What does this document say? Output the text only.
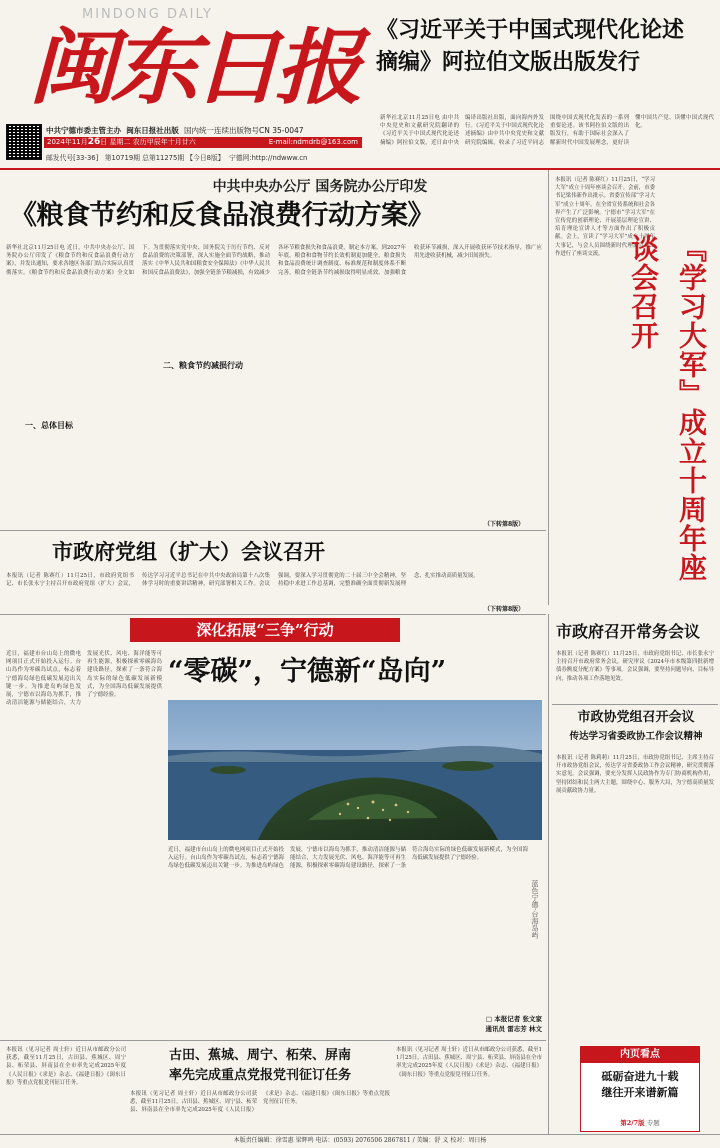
MINDONG DAILY
闽东日报
中共宁德市委主管主办 闽东日报社出版 国内统一连续出版物号CN 35-0047
2024年11月26日 星期二 农历甲辰年十月廿六	E-mail:ndmdrb@163.com
邮发代号[33-36] 第10719期 总第11275期 【今日8版】 宁德网:http://ndwww.cn
《习近平关于中国式现代化论述
摘编》阿拉伯文版出版发行
新华社北京11月25日电 由中共中央党史和文献研究院翻译的《习近平关于中国式现代化论述摘编》阿拉伯文版，近日由中央编译出版社出版，面向海内外发行。《习近平关于中国式现代化论述摘编》由中共中央党史和文献研究院编辑，收录了习近平同志围绕中国式现代化发表的一系列重要论述。该书阿拉伯文版的出版发行，有助于国际社会深入了解新时代中国发展理念，更好读懂中国共产党、读懂中国式现代化。
中共中央办公厅 国务院办公厅印发
《粮食节约和反食品浪费行动方案》
新华社北京11月25日电 近日，中共中央办公厅、国务院办公厅印发了《粮食节约和反食品浪费行动方案》，并发出通知，要求各地区各部门结合实际认真贯彻落实。《粮食节约和反食品浪费行动方案》全文如下。为贯彻落实党中央、国务院关于厉行节约、反对食品浪费的决策部署，深入实施全面节约战略，推动落实《中华人民共和国粮食安全保障法》《中华人民共和国反食品浪费法》，加强全链条节粮减损，有效减少各环节粮食损失和食品浪费，制定本方案。到2027年年底，粮食和食物节约长效机制更加健全，粮食损失和食品浪费统计调查制度、标准规范和制度体系不断完善，粮食全链条节约减损取得明显成效。加强粮食收获环节减损，深入开展收获环节技术指导，推广应用先进收获机械，减少田间损失。
一、总体目标
二、粮食节约减损行动
（下转第8版）
本报讯（记者 陈赛红）11月25日，“学习大军”成立十周年座谈会召开。会前，市委书记梁伟新作出批示。省委宣传部“学习大军”成立十周年，在全省宣传系统和社会各界产生了广泛影响。宁德市“学习大军”在宣传党的创新理论、开展基层理论宣讲、培育理论宣讲人才等方面作出了积极贡献。会上，宣读了“学习大军”成立十周年大事记，与会人员围绕新时代理论宣讲工作进行了座谈交流。	『学习大军』成立十周年座谈会召开
市政府党组（扩大）会议召开
本报讯（记者 陈赛红）11月25日，市政府党组书记、市长张永宁主持召开市政府党组（扩大）会议，传达学习习近平总书记在中共中央政治局第十八次集体学习时的重要讲话精神，研究部署相关工作。会议强调，要深入学习贯彻党的二十届三中全会精神，坚持稳中求进工作总基调，完整准确全面贯彻新发展理念，扎实推动高质量发展。
（下转第8版）
深化拓展“三争”行动
“零碳”，宁德新“岛向”
近日，福建市台山岛上的微电网项目正式开始投入运行。台山岛作为零碳岛试点，标志着宁德海岛绿色低碳发展迈出关键一步。为推进岛屿绿色发展，宁德市以海岛为抓手，推动清洁能源与储能结合，大力发展光伏、风电、海洋能等可再生能源，积极探索零碳海岛建设路径，探索了一条符合海岛实际的绿色低碳发展新模式，为全国海岛低碳发展提供了宁德经验。
蓝色宁德·台海岛屿
近日，福建市台山岛上的微电网项目正式开始投入运行。台山岛作为零碳岛试点，标志着宁德海岛绿色低碳发展迈出关键一步。为推进岛屿绿色发展，宁德市以海岛为抓手，推动清洁能源与储能结合，大力发展光伏、风电、海洋能等可再生能源，积极探索零碳海岛建设路径，探索了一条符合海岛实际的绿色低碳发展新模式，为全国海岛低碳发展提供了宁德经验。
□ 本报记者 张文家
通讯员 雷志芳 林文
市政府召开常务会议
本报讯（记者 陈赛红）11月25日，市政府党组书记、市长张永宁主持召开市政府常务会议，研究审议《2024年市本级第四批新增债券额度分配方案》等事项。会议强调，要坚持问题导向、目标导向，推动各项工作落地见效。
市政协党组召开会议
传达学习省委政协工作会议精神
本报讯（记者 陈莉莉）11月25日，市政协党组书记、主席主持召开市政协党组会议，传达学习省委政协工作会议精神，研究贯彻落实意见。会议强调，要充分发挥人民政协作为专门协商机构作用，坚持团结和民主两大主题，围绕中心、服务大局，为宁德高质量发展贡献政协力量。
本报讯（见习记者 周士轩）近日从市邮政分公司获悉，截至11月25日，古田县、蕉城区、周宁县、柘荣县、屏南县在全市率先完成2025年度《人民日报》《求是》杂志、《福建日报》《闽东日报》等重点党报党刊征订任务。
古田、蕉城、周宁、柘荣、屏南
率先完成重点党报党刊征订任务
本报讯（见习记者 周士轩）近日从市邮政分公司获悉，截至11月25日，古田县、蕉城区、周宁县、柘荣县、屏南县在全市率先完成2025年度《人民日报》《求是》杂志、《福建日报》《闽东日报》等重点党报党刊征订任务。
本报讯（见习记者 周士轩）近日从市邮政分公司获悉，截至11月25日，古田县、蕉城区、周宁县、柘荣县、屏南县在全市率先完成2025年度《人民日报》《求是》杂志、《福建日报》《闽东日报》等重点党报党刊征订任务。
内页看点
砥砺奋进九十载
继往开来谱新篇
第2/7版 专题
本版责任编辑：徐雪惠 梁辉鸣 电话：(0593) 2076506 2867811 / 美编：舒 义 校对：周日杨
